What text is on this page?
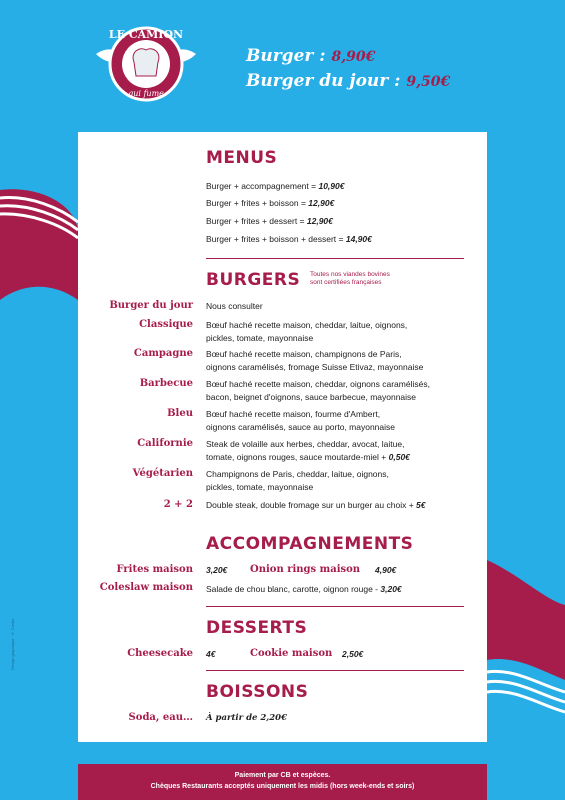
LE CAMION
qui fume
Burger : 8,90€
Burger du jour : 9,50€
Design graphique : H. Coster
MENUS
Burger + accompagnement = 10,90€
Burger + frites + boisson = 12,90€
Burger + frites + dessert = 12,90€
Burger + frites + boisson + dessert = 14,90€
BURGERS Toutes nos viandes bovines
sont certifiées françaises
Burger du jour Nous consulter
Classique Bœuf haché recette maison, cheddar, laitue, oignons,
pickles, tomate, mayonnaise
Campagne Bœuf haché recette maison, champignons de Paris,
oignons caramélisés, fromage Suisse Etivaz, mayonnaise
Barbecue Bœuf haché recette maison, cheddar, oignons caramélisés,
bacon, beignet d'oignons, sauce barbecue, mayonnaise
Bleu Bœuf haché recette maison, fourme d'Ambert,
oignons caramélisés, sauce au porto, mayonnaise
Californie Steak de volaille aux herbes, cheddar, avocat, laitue,
tomate, oignons rouges, sauce moutarde-miel + 0,50€
Végétarien Champignons de Paris, cheddar, laitue, oignons,
pickles, tomate, mayonnaise
2 + 2 Double steak, double fromage sur un burger au choix + 5€
ACCOMPAGNEMENTS
Frites maison 3,20€ Onion rings maison 4,90€
Coleslaw maison Salade de chou blanc, carotte, oignon rouge - 3,20€
DESSERTS
Cheesecake 4€	Cookie maison 2,50€
BOISSONS
Soda, eau… À partir de 2,20€
Paiement par CB et espèces.
Chèques Restaurants acceptés uniquement les midis (hors week-ends et soirs)
